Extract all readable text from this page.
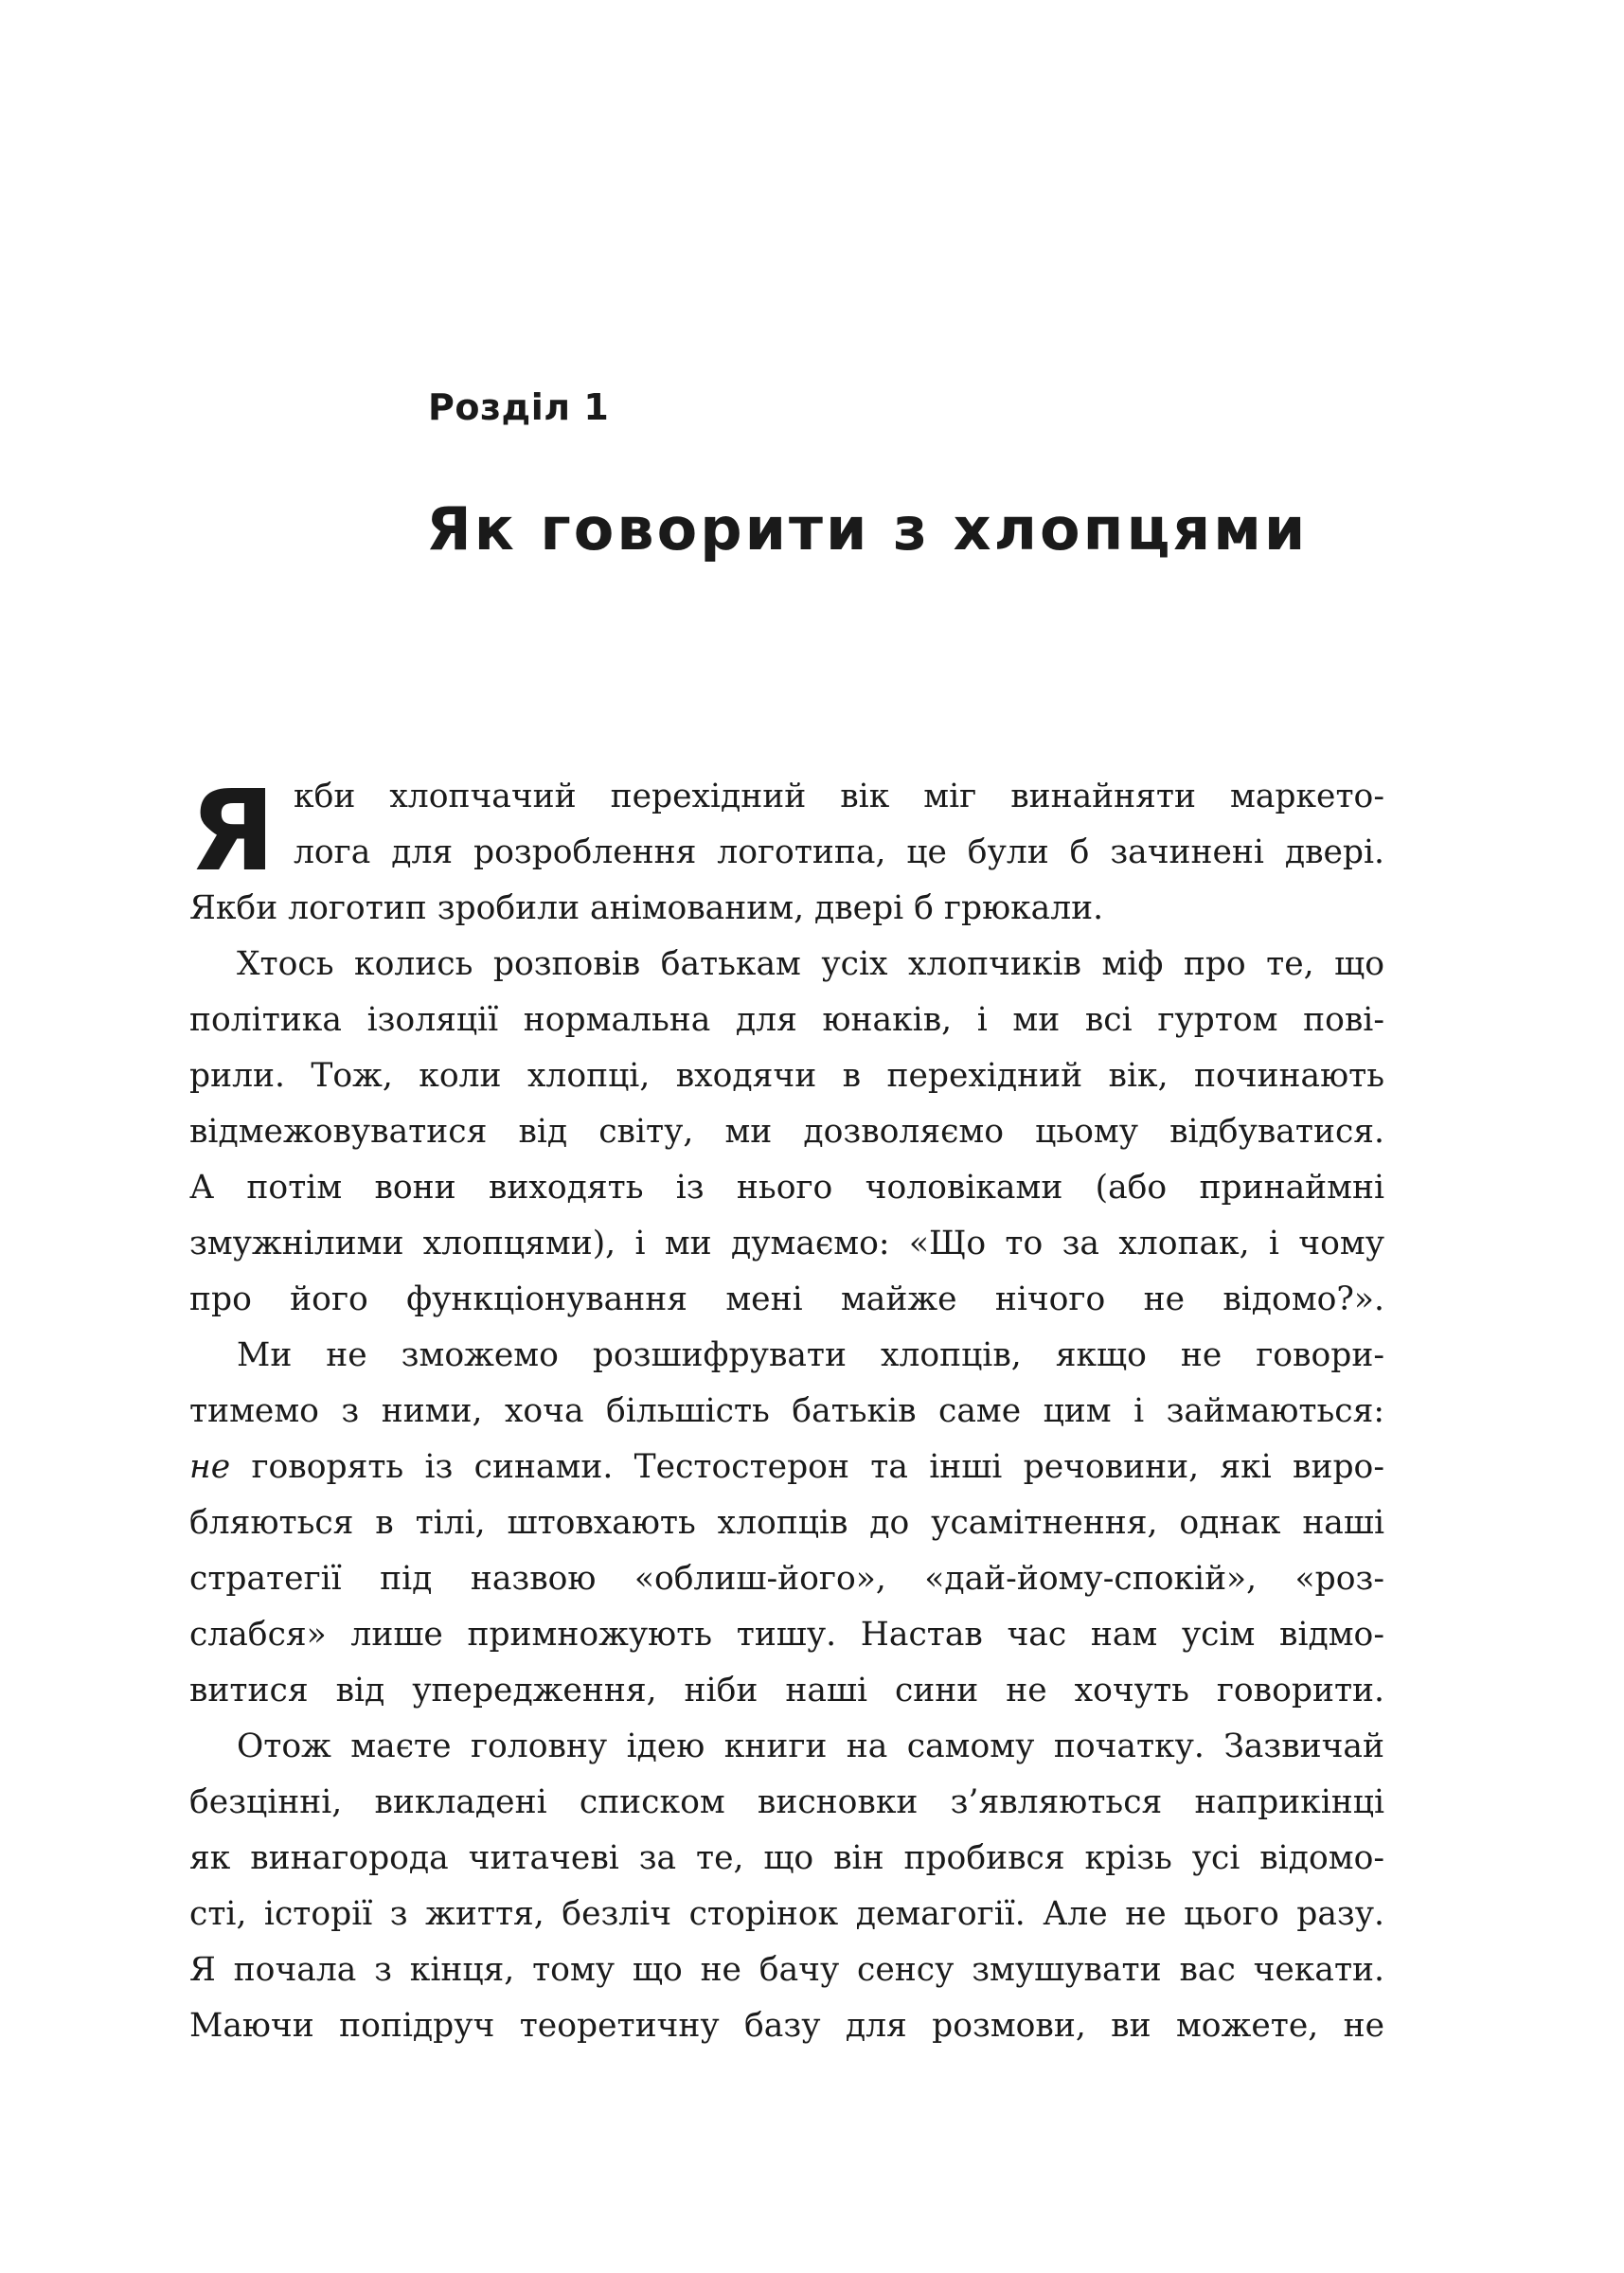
Розділ 1
Як говорити з хлопцями
Я кби хлопчачий перехідний вік міг винайняти маркето-
лога для розроблення логотипа, це були б зачинені двері.
Якби логотип зробили анімованим, двері б грюкали.
Хтось колись розповів батькам усіх хлопчиків міф про те, що
політика ізоляції нормальна для юнаків, і ми всі гуртом пові-
рили. Тож, коли хлопці, входячи в перехідний вік, починають
відмежовуватися від світу, ми дозволяємо цьому відбуватися.
А потім вони виходять із нього чоловіками (або принаймні
змужнілими хлопцями), і ми думаємо: «Що то за хлопак, і чому
про його функціонування мені майже нічого не відомо?».
Ми не зможемо розшифрувати хлопців, якщо не говори-
тимемо з ними, хоча більшість батьків саме цим і займаються:
не говорять із синами. Тестостерон та інші речовини, які виро-
бляються в тілі, штовхають хлопців до усамітнення, однак наші
стратегії під назвою «облиш-його», «дай-йому-спокій», «роз-
слабся» лише примножують тишу. Настав час нам усім відмо-
витися від упередження, ніби наші сини не хочуть говорити.
Отож маєте головну ідею книги на самому початку. Зазвичай
безцінні, викладені списком висновки з’являються наприкінці
як винагорода читачеві за те, що він пробився крізь усі відомо-
сті, історії з життя, безліч сторінок демагогії. Але не цього разу.
Я почала з кінця, тому що не бачу сенсу змушувати вас чекати.
Маючи попідруч теоретичну базу для розмови, ви можете, не
